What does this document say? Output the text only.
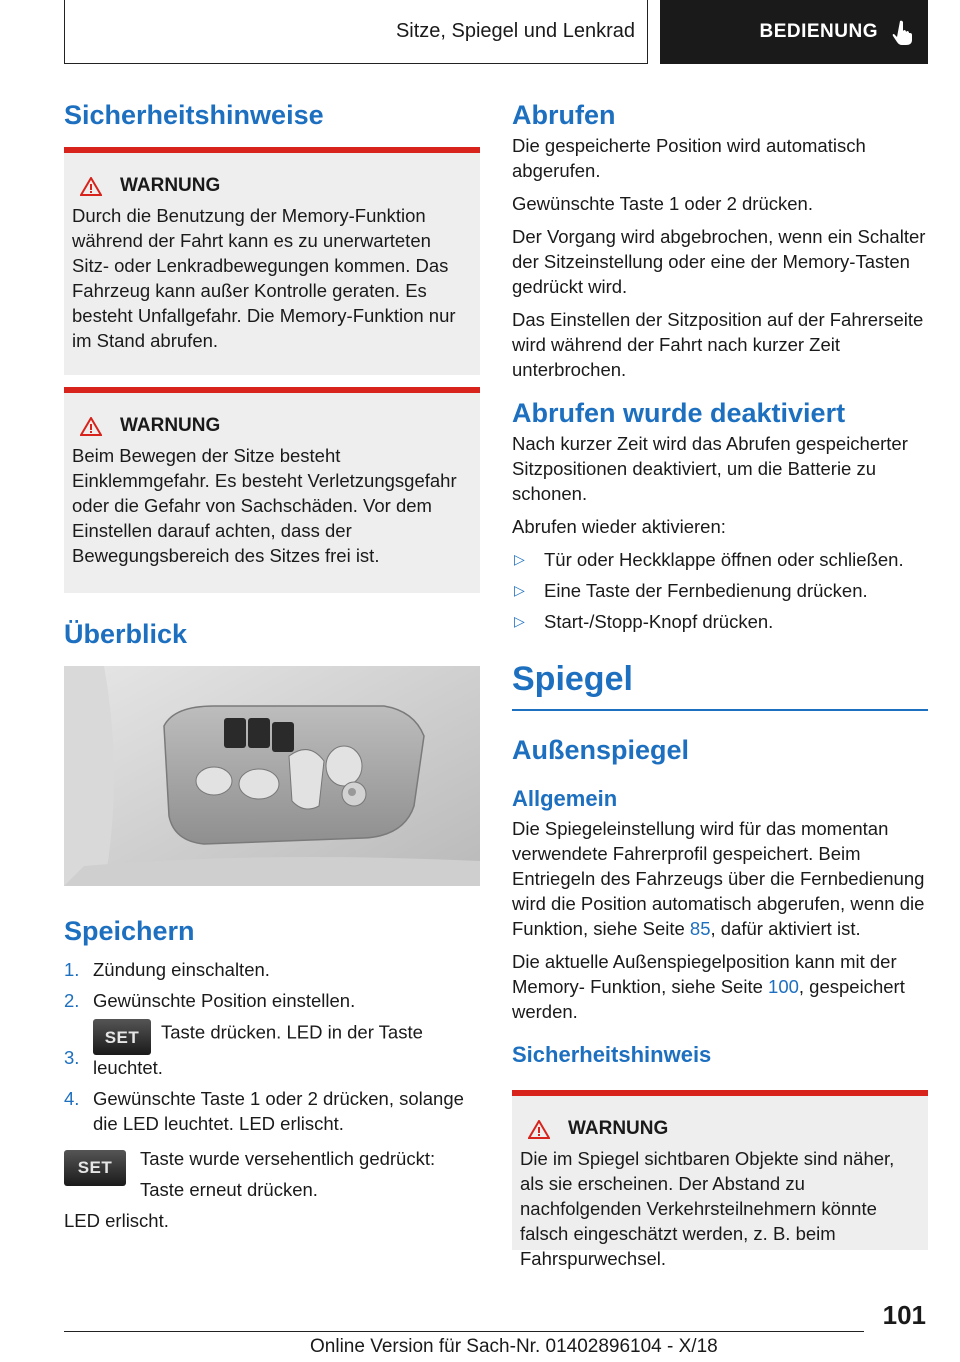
Sitze, Spiegel und Lenkrad	BEDIENUNG
Sicherheitshinweise
WARNUNG

Durch die Benutzung der Memory-Funktion während der Fahrt kann es zu unerwarteten Sitz- oder Lenkradbewegungen kommen. Das Fahrzeug kann außer Kontrolle geraten. Es besteht Unfallgefahr. Die Memory-Funktion nur im Stand abrufen.

WARNUNG

Beim Bewegen der Sitze besteht Einklemmgefahr. Es besteht Verletzungsgefahr oder die Gefahr von Sachschäden. Vor dem Einstellen darauf achten, dass der Bewegungsbereich des Sitzes frei ist.

Überblick
Speichern
1. Zündung einschalten.
2. Gewünschte Position einstellen.
3.
SET Taste drücken. LED in der Taste leuchtet.
4. Gewünschte Taste 1 oder 2 drücken, solange die LED leuchtet. LED erlischt.
SET	Taste wurde versehentlich gedrückt:

Taste erneut drücken.

LED erlischt.

Abrufen

Die gespeicherte Position wird automatisch abgerufen.

Gewünschte Taste 1 oder 2 drücken.

Der Vorgang wird abgebrochen, wenn ein Schalter der Sitzeinstellung oder eine der Memory-Tasten gedrückt wird.

Das Einstellen der Sitzposition auf der Fahrerseite wird während der Fahrt nach kurzer Zeit unterbrochen.

Abrufen wurde deaktiviert

Nach kurzer Zeit wird das Abrufen gespeicherter Sitzpositionen deaktiviert, um die Batterie zu schonen.

Abrufen wieder aktivieren:

▷	Tür oder Heckklappe öffnen oder schließen.
▷	Eine Taste der Fernbedienung drücken.
▷	Start-/Stopp-Knopf drücken.
Spiegel
Außenspiegel
Allgemein

Die Spiegeleinstellung wird für das momentan verwendete Fahrerprofil gespeichert. Beim Entriegeln des Fahrzeugs über die Fernbedienung wird die Position automatisch abgerufen, wenn die Funktion, siehe Seite 85, dafür aktiviert ist.

Die aktuelle Außenspiegelposition kann mit der Memory- Funktion, siehe Seite 100, gespeichert werden.

Sicherheitshinweis
WARNUNG

Die im Spiegel sichtbaren Objekte sind näher, als sie erscheinen. Der Abstand zu nachfolgenden Verkehrsteilnehmern könnte falsch eingeschätzt werden, z. B. beim Fahrspurwechsel.

101
Online Version für Sach-Nr. 01402896104 - X/18
